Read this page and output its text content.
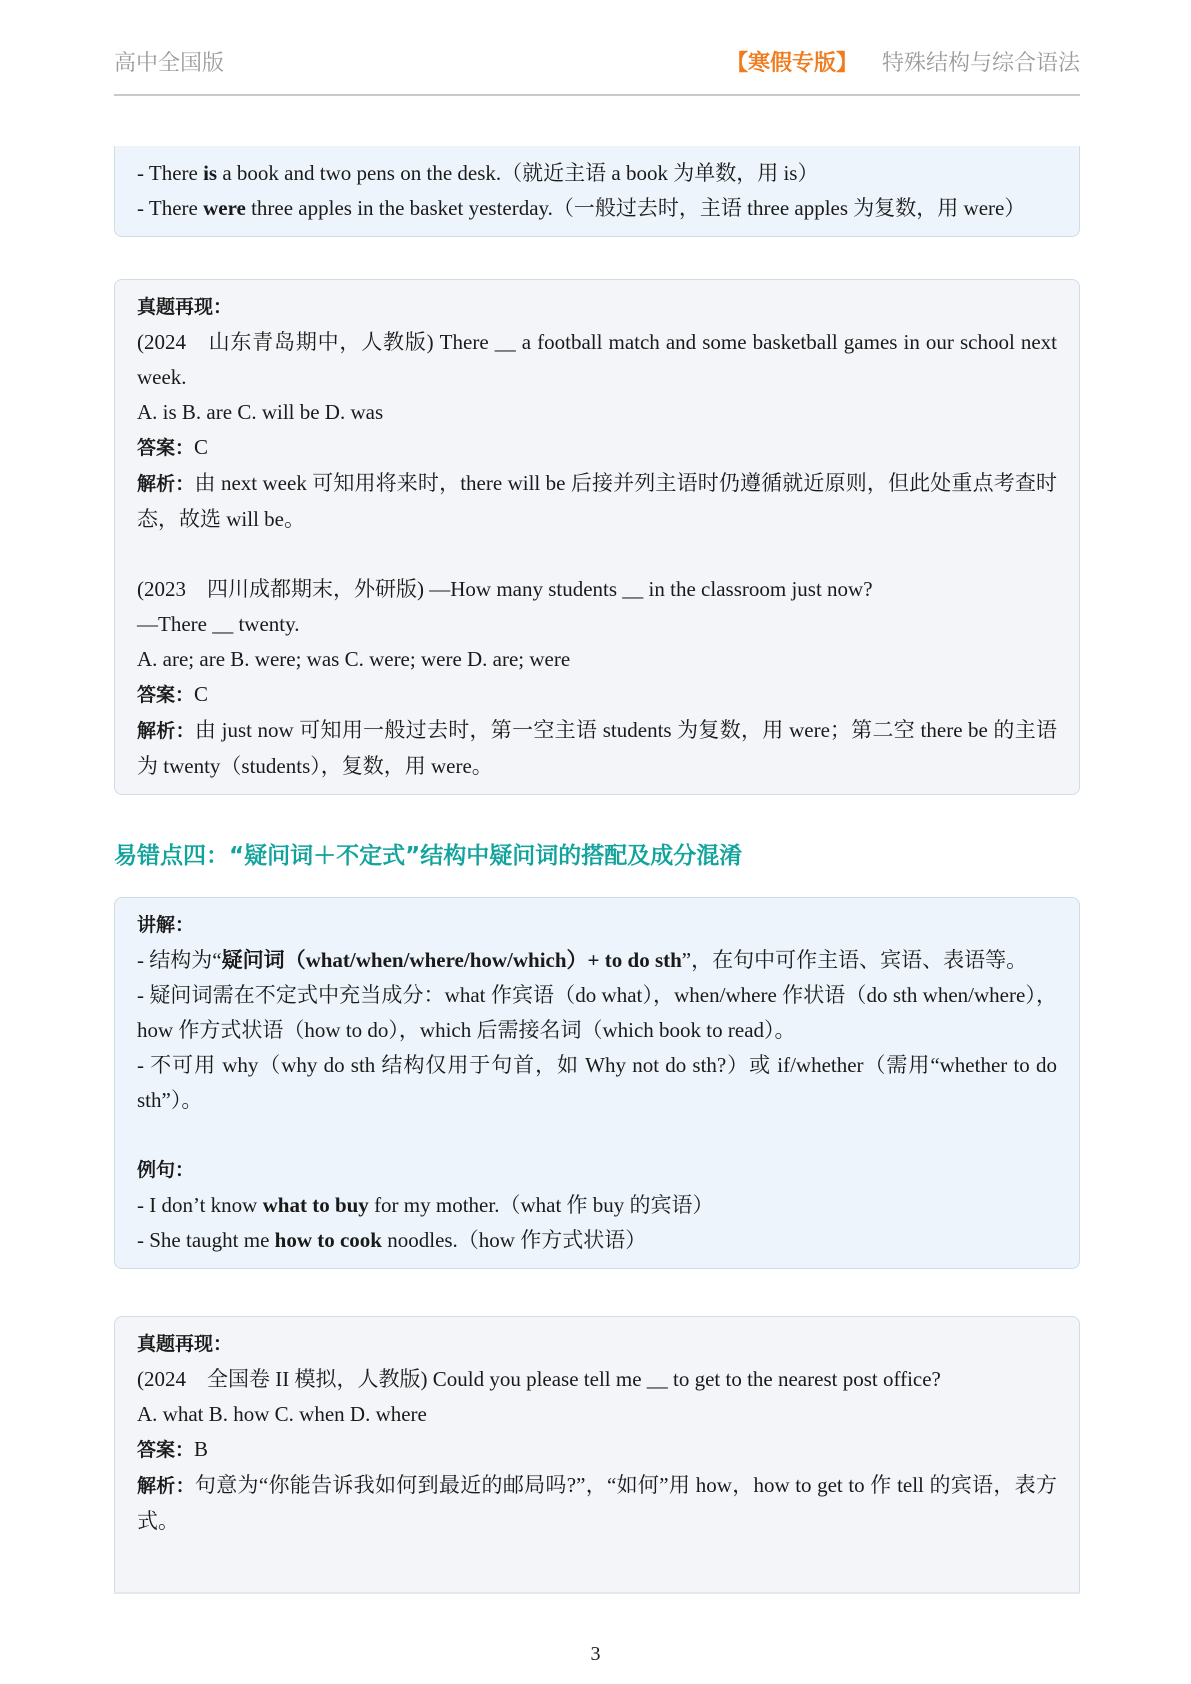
高中全国版	【寒假专版】 特殊结构与综合语法

- There is a book and two pens on the desk.（就近主语 a book 为单数，用 is）

- There were three apples in the basket yesterday.（一般过去时，主语 three apples 为复数，用 were）

真题再现：

(2024　山东青岛期中，人教版) There __ a football match and some basketball games in our school next week.

A. is B. are C. will be D. was

答案：C

解析：由 next week 可知用将来时，there will be 后接并列主语时仍遵循就近原则，但此处重点考查时态，故选 will be。

(2023　四川成都期末，外研版) —How many students __ in the classroom just now?

—There __ twenty.

A. are; are B. were; was C. were; were D. are; were

答案：C

解析：由 just now 可知用一般过去时，第一空主语 students 为复数，用 were；第二空 there be 的主语为 twenty（students），复数，用 were。

易错点四：“疑问词＋不定式”结构中疑问词的搭配及成分混淆

讲解：

- 结构为“疑问词（what/when/where/how/which）+ to do sth”，在句中可作主语、宾语、表语等。

- 疑问词需在不定式中充当成分：what 作宾语（do what），when/where 作状语（do sth when/where），how 作方式状语（how to do），which 后需接名词（which book to read）。

- 不可用 why（why do sth 结构仅用于句首，如 Why not do sth?）或 if/whether（需用“whether to do sth”）。

例句：

- I don’t know what to buy for my mother.（what 作 buy 的宾语）

- She taught me how to cook noodles.（how 作方式状语）

真题再现：

(2024　全国卷 II 模拟，人教版) Could you please tell me __ to get to the nearest post office?

A. what B. how C. when D. where

答案：B

解析：句意为“你能告诉我如何到最近的邮局吗?”，“如何”用 how，how to get to 作 tell 的宾语，表方式。

3
